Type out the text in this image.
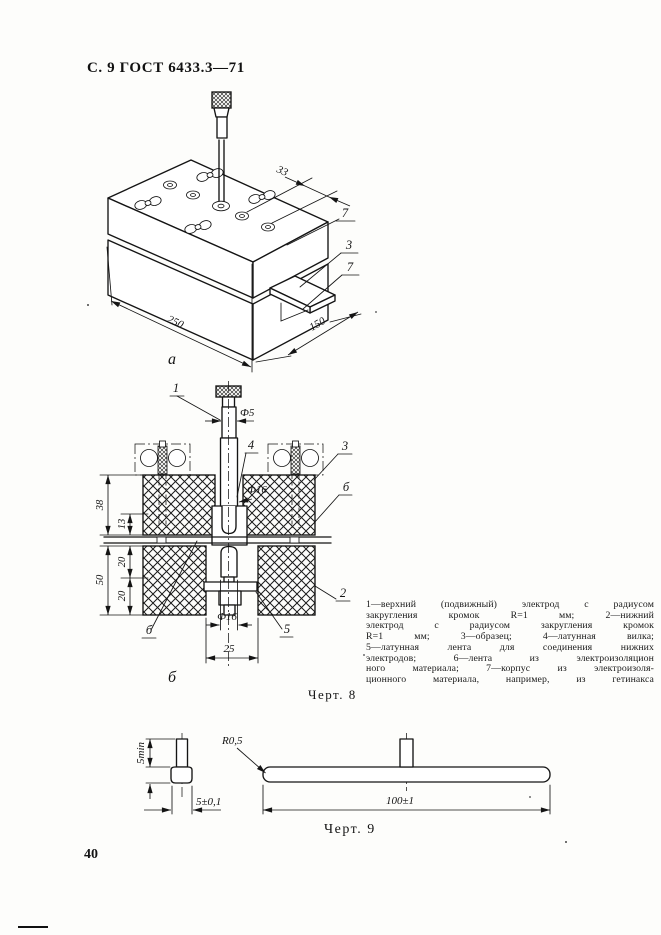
33
7
3
7
250	150
а
38
13
50
20
20
Ф5
Ф16
Ф16
25
1
4	3
б
2
б	5
б
5min
5±0,1
R0,5
100±1
С. 9 ГОСТ 6433.3—71
1—верхний (подвижный) электрод с радиусом
закругления кромок R=1 мм; 2—нижний
электрод с радиусом закругления кромок
R=1 мм; 3—образец; 4—латунная вилка;
5—латунная лента для соединения нижних
электродов; 6—лента из электроизоляцион
ного материала; 7—корпус из электроизоля-
ционного материала, например, из гетинакса
Черт. 8
Черт. 9
40
